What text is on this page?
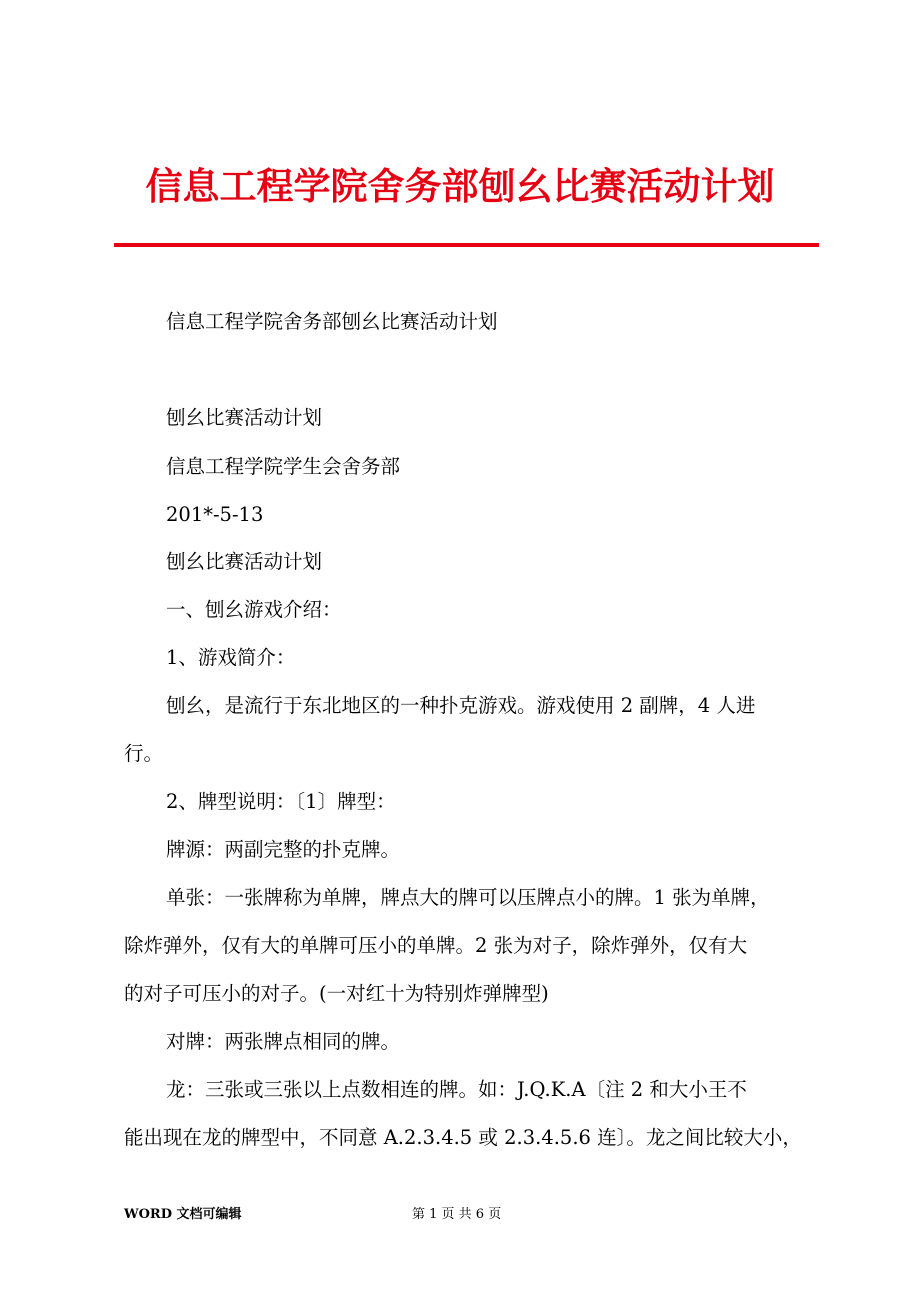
信息工程学院舍务部刨幺比赛活动计划
信息工程学院舍务部刨幺比赛活动计划
刨幺比赛活动计划
信息工程学院学生会舍务部
201*-5-13
刨幺比赛活动计划
一、刨幺游戏介绍：
1、游戏简介：
刨幺，是流行于东北地区的一种扑克游戏。游戏使用 2 副牌，4 人进
行。
2、牌型说明：〔1〕牌型：
牌源：两副完整的扑克牌。
单张：一张牌称为单牌，牌点大的牌可以压牌点小的牌。1 张为单牌，
除炸弹外，仅有大的单牌可压小的单牌。2 张为对子，除炸弹外，仅有大
的对子可压小的对子。(一对红十为特别炸弹牌型)
对牌：两张牌点相同的牌。
龙：三张或三张以上点数相连的牌。如：J.Q.K.A〔注 2 和大小王不
能出现在龙的牌型中，不同意 A.2.3.4.5 或 2.3.4.5.6 连〕。龙之间比较大小，
WORD 文档可编辑	第 1 页 共 6 页
